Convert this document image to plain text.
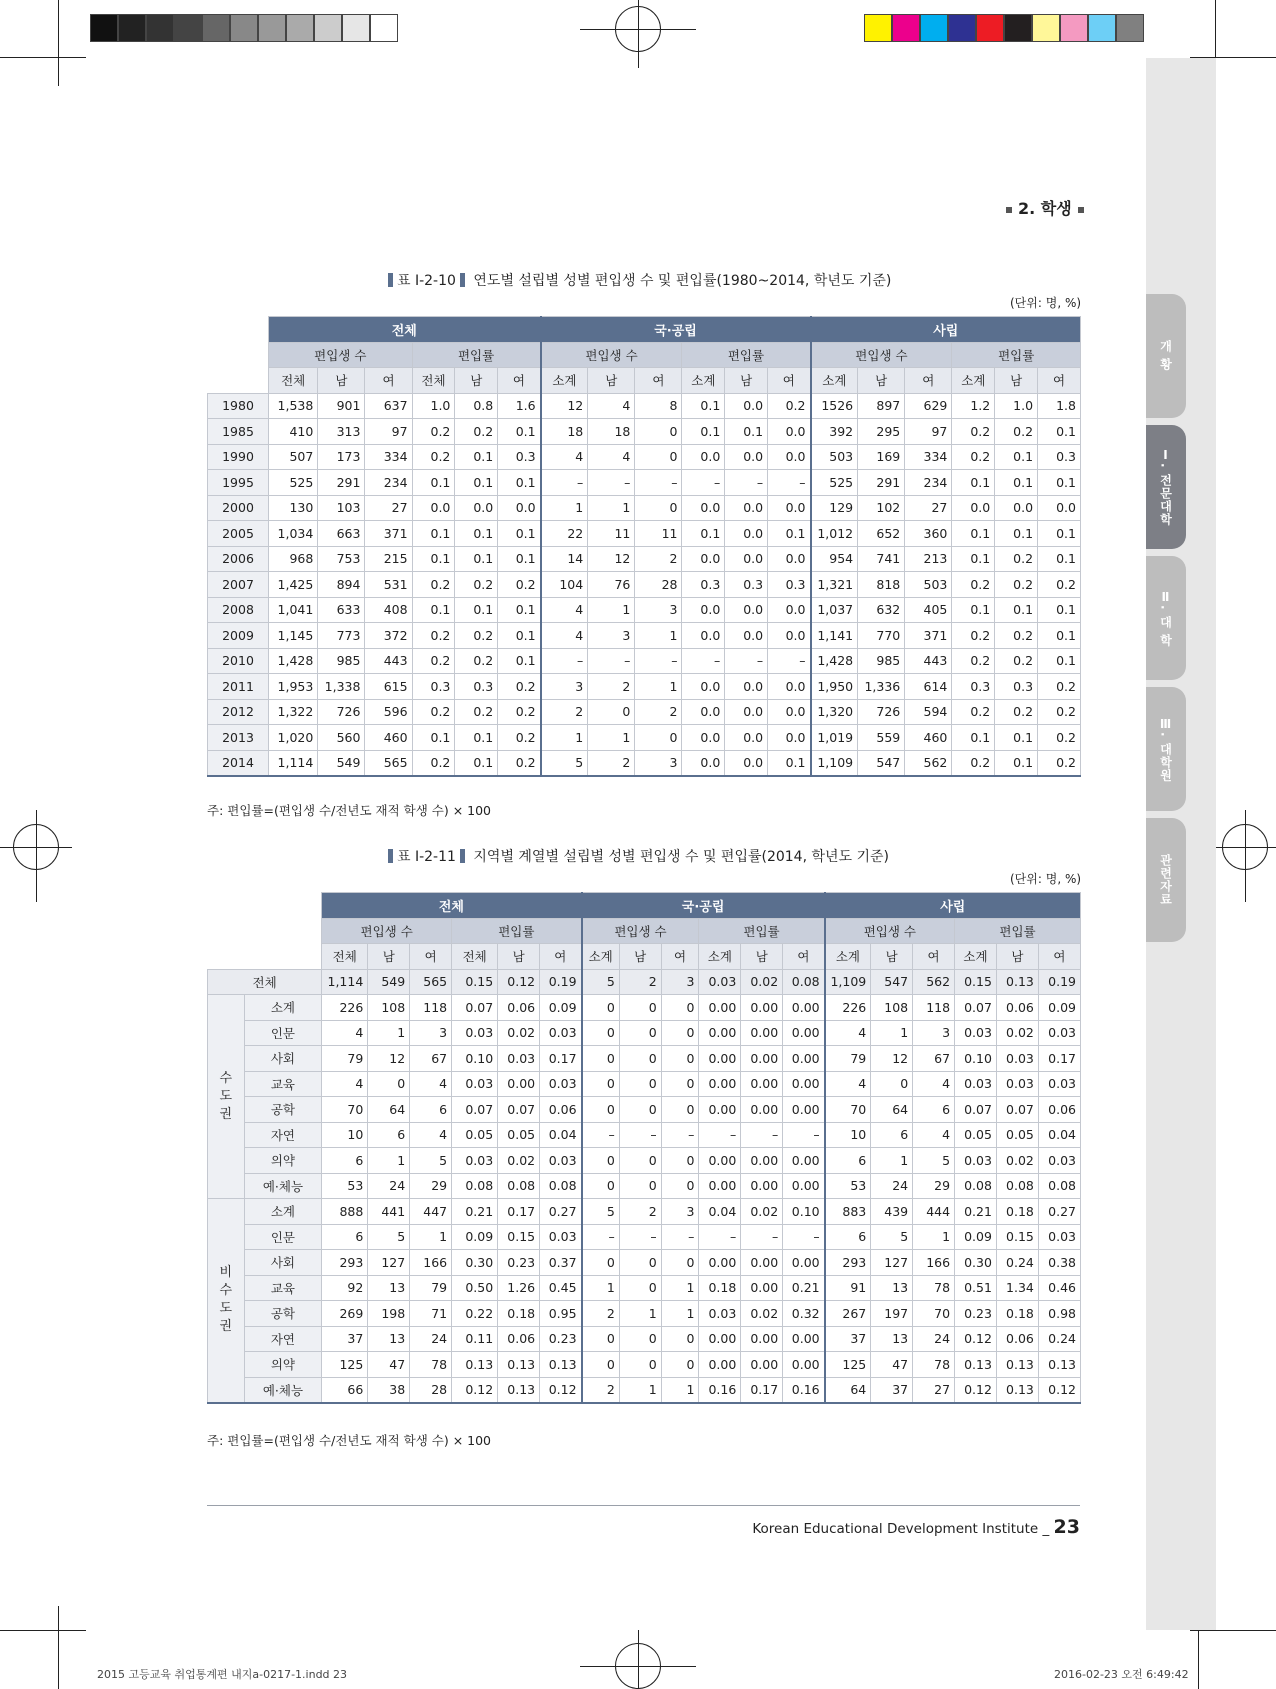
개 황
Ⅰ. 전문대학
Ⅱ. 대 학
Ⅲ. 대학원
관련자료
2. 학생
표 Ⅰ-2-10 연도별 설립별 성별 편입생 수 및 편입률(1980~2014, 학년도 기준)
(단위: 명, %)
	전체						국·공립						사립					
	편입생 수			편입률			편입생 수			편입률			편입생 수			편입률		
	전체	남	여	전체	남	여	소계	남	여	소계	남	여	소계	남	여	소계	남	여
1980	1,538	901	637	1.0	0.8	1.6	12	4	8	0.1	0.0	0.2	1526	897	629	1.2	1.0	1.8
1985	410	313	97	0.2	0.2	0.1	18	18	0	0.1	0.1	0.0	392	295	97	0.2	0.2	0.1
1990	507	173	334	0.2	0.1	0.3	4	4	0	0.0	0.0	0.0	503	169	334	0.2	0.1	0.3
1995	525	291	234	0.1	0.1	0.1	–	–	–	–	–	–	525	291	234	0.1	0.1	0.1
2000	130	103	27	0.0	0.0	0.0	1	1	0	0.0	0.0	0.0	129	102	27	0.0	0.0	0.0
2005	1,034	663	371	0.1	0.1	0.1	22	11	11	0.1	0.0	0.1	1,012	652	360	0.1	0.1	0.1
2006	968	753	215	0.1	0.1	0.1	14	12	2	0.0	0.0	0.0	954	741	213	0.1	0.2	0.1
2007	1,425	894	531	0.2	0.2	0.2	104	76	28	0.3	0.3	0.3	1,321	818	503	0.2	0.2	0.2
2008	1,041	633	408	0.1	0.1	0.1	4	1	3	0.0	0.0	0.0	1,037	632	405	0.1	0.1	0.1
2009	1,145	773	372	0.2	0.2	0.1	4	3	1	0.0	0.0	0.0	1,141	770	371	0.2	0.2	0.1
2010	1,428	985	443	0.2	0.2	0.1	–	–	–	–	–	–	1,428	985	443	0.2	0.2	0.1
2011	1,953	1,338	615	0.3	0.3	0.2	3	2	1	0.0	0.0	0.0	1,950	1,336	614	0.3	0.3	0.2
2012	1,322	726	596	0.2	0.2	0.2	2	0	2	0.0	0.0	0.0	1,320	726	594	0.2	0.2	0.2
2013	1,020	560	460	0.1	0.1	0.2	1	1	0	0.0	0.0	0.0	1,019	559	460	0.1	0.1	0.2
2014	1,114	549	565	0.2	0.1	0.2	5	2	3	0.0	0.0	0.1	1,109	547	562	0.2	0.1	0.2
주: 편입률=(편입생 수/전년도 재적 학생 수) × 100
표 Ⅰ-2-11 지역별 계열별 설립별 성별 편입생 수 및 편입률(2014, 학년도 기준)
(단위: 명, %)
		전체						국·공립						사립					
		편입생 수			편입률			편입생 수			편입률			편입생 수			편입률		
		전체	남	여	전체	남	여	소계	남	여	소계	남	여	소계	남	여	소계	남	여
전체		1,114	549	565	0.15	0.12	0.19	5	2	3	0.03	0.02	0.08	1,109	547	562	0.15	0.13	0.19
수
도
권	소계	226	108	118	0.07	0.06	0.09	0	0	0	0.00	0.00	0.00	226	108	118	0.07	0.06	0.09
	인문	4	1	3	0.03	0.02	0.03	0	0	0	0.00	0.00	0.00	4	1	3	0.03	0.02	0.03
	사회	79	12	67	0.10	0.03	0.17	0	0	0	0.00	0.00	0.00	79	12	67	0.10	0.03	0.17
	교육	4	0	4	0.03	0.00	0.03	0	0	0	0.00	0.00	0.00	4	0	4	0.03	0.03	0.03
	공학	70	64	6	0.07	0.07	0.06	0	0	0	0.00	0.00	0.00	70	64	6	0.07	0.07	0.06
	자연	10	6	4	0.05	0.05	0.04	–	–	–	–	–	–	10	6	4	0.05	0.05	0.04
	의약	6	1	5	0.03	0.02	0.03	0	0	0	0.00	0.00	0.00	6	1	5	0.03	0.02	0.03
	예·체능	53	24	29	0.08	0.08	0.08	0	0	0	0.00	0.00	0.00	53	24	29	0.08	0.08	0.08
비
수
도
권	소계	888	441	447	0.21	0.17	0.27	5	2	3	0.04	0.02	0.10	883	439	444	0.21	0.18	0.27
	인문	6	5	1	0.09	0.15	0.03	–	–	–	–	–	–	6	5	1	0.09	0.15	0.03
	사회	293	127	166	0.30	0.23	0.37	0	0	0	0.00	0.00	0.00	293	127	166	0.30	0.24	0.38
	교육	92	13	79	0.50	1.26	0.45	1	0	1	0.18	0.00	0.21	91	13	78	0.51	1.34	0.46
	공학	269	198	71	0.22	0.18	0.95	2	1	1	0.03	0.02	0.32	267	197	70	0.23	0.18	0.98
	자연	37	13	24	0.11	0.06	0.23	0	0	0	0.00	0.00	0.00	37	13	24	0.12	0.06	0.24
	의약	125	47	78	0.13	0.13	0.13	0	0	0	0.00	0.00	0.00	125	47	78	0.13	0.13	0.13
	예·체능	66	38	28	0.12	0.13	0.12	2	1	1	0.16	0.17	0.16	64	37	27	0.12	0.13	0.12
주: 편입률=(편입생 수/전년도 재적 학생 수) × 100
Korean Educational Development Institute _ 23
2015 고등교육 취업통계편 내지a-0217-1.indd 23	2016-02-23 오전 6:49:42
